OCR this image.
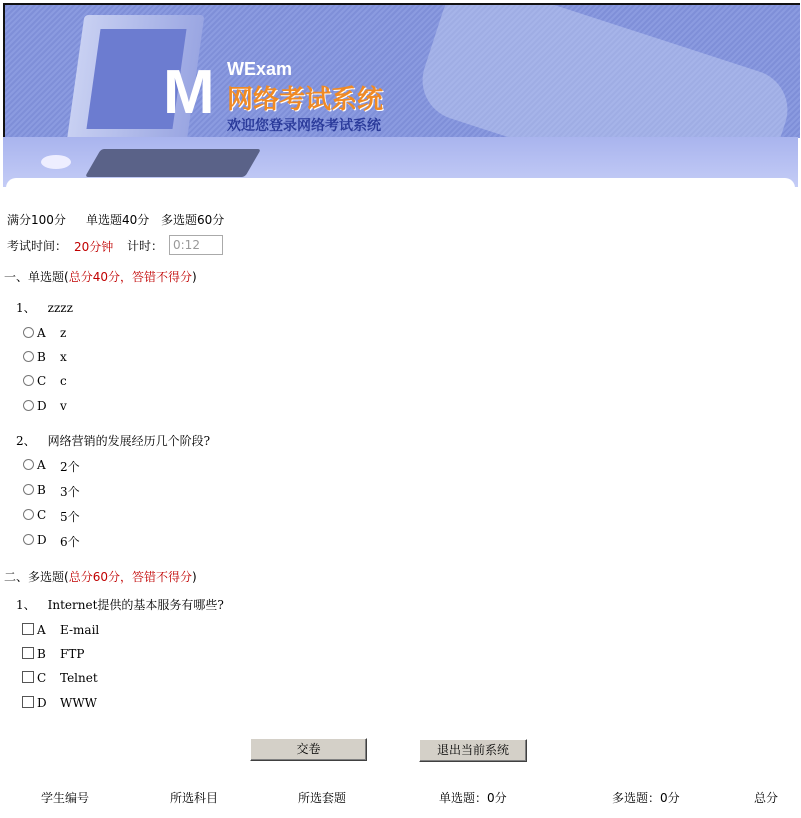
M WExam
网络考试系统
欢迎您登录网络考试系统
满分100分 单选题40分 多选题60分
考试时间： 20分钟 计时： 0:12
一、单选题(总分40分，答错不得分)
1、 zzzz
A z
B x
C c
D v
2、 网络营销的发展经历几个阶段?
A 2个
B 3个
C 5个
D 6个
二、多选题(总分60分，答错不得分)
1、 Internet提供的基本服务有哪些?
A E-mail
B FTP
C Telnet
D WWW
交卷	退出当前系统
学生编号	所选科目	所选套题	单选题：0分	多选题：0分	总分
